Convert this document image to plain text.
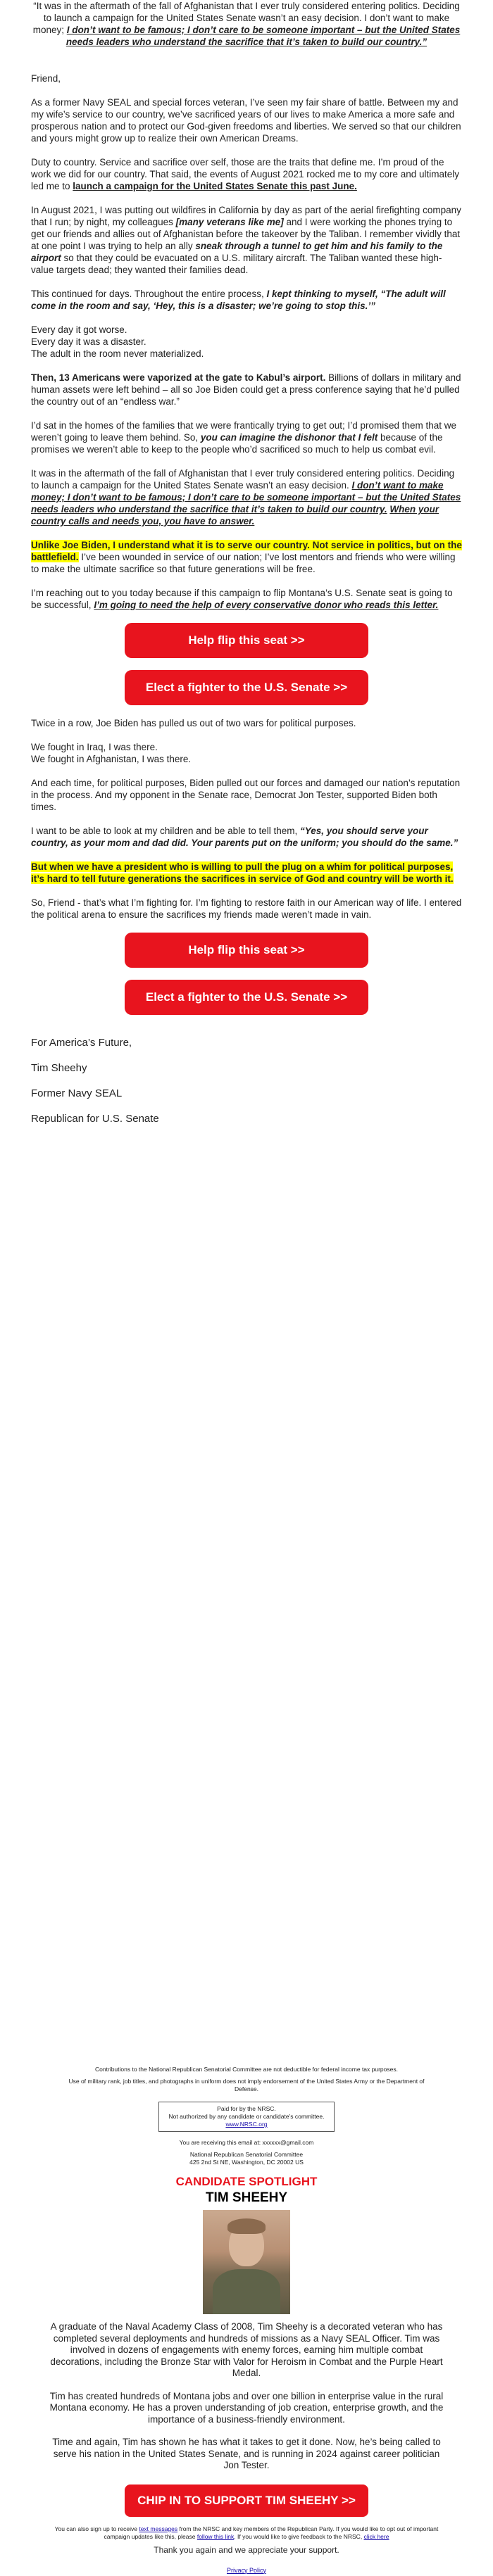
“It was in the aftermath of the fall of Afghanistan that I ever truly considered entering politics. Deciding to launch a campaign for the United States Senate wasn’t an easy decision. I don’t want to make money; I don’t want to be famous; I don’t care to be someone important – but the United States needs leaders who understand the sacrifice that it’s taken to build our country.”

Friend,

As a former Navy SEAL and special forces veteran, I’ve seen my fair share of battle. Between my and my wife’s service to our country, we’ve sacrificed years of our lives to make America a more safe and prosperous nation and to protect our God-given freedoms and liberties. We served so that our children and yours might grow up to realize their own American Dreams.

Duty to country. Service and sacrifice over self, those are the traits that define me. I’m proud of the work we did for our country. That said, the events of August 2021 rocked me to my core and ultimately led me to launch a campaign for the United States Senate this past June.

In August 2021, I was putting out wildfires in California by day as part of the aerial firefighting company that I run; by night, my colleagues [many veterans like me] and I were working the phones trying to get our friends and allies out of Afghanistan before the takeover by the Taliban. I remember vividly that at one point I was trying to help an ally sneak through a tunnel to get him and his family to the airport so that they could be evacuated on a U.S. military aircraft. The Taliban wanted these high-value targets dead; they wanted their families dead.

This continued for days. Throughout the entire process, I kept thinking to myself, “The adult will come in the room and say, ‘Hey, this is a disaster; we’re going to stop this.’”

Every day it got worse.
Every day it was a disaster.
The adult in the room never materialized.

Then, 13 Americans were vaporized at the gate to Kabul’s airport. Billions of dollars in military and human assets were left behind – all so Joe Biden could get a press conference saying that he’d pulled the country out of an “endless war.”

I’d sat in the homes of the families that we were frantically trying to get out; I’d promised them that we weren’t going to leave them behind. So, you can imagine the dishonor that I felt because of the promises we weren’t able to keep to the people who’d sacrificed so much to help us combat evil.

It was in the aftermath of the fall of Afghanistan that I ever truly considered entering politics. Deciding to launch a campaign for the United States Senate wasn’t an easy decision. I don’t want to make money; I don’t want to be famous; I don’t care to be someone important – but the United States needs leaders who understand the sacrifice that it’s taken to build our country. When your country calls and needs you, you have to answer.

Unlike Joe Biden, I understand what it is to serve our country. Not service in politics, but on the battlefield. I’ve been wounded in service of our nation; I’ve lost mentors and friends who were willing to make the ultimate sacrifice so that future generations will be free.

I’m reaching out to you today because if this campaign to flip Montana’s U.S. Senate seat is going to be successful, I’m going to need the help of every conservative donor who reads this letter.

Help flip this seat >>
Elect a fighter to the U.S. Senate >>

Twice in a row, Joe Biden has pulled us out of two wars for political purposes.

We fought in Iraq, I was there.
We fought in Afghanistan, I was there.

And each time, for political purposes, Biden pulled out our forces and damaged our nation’s reputation in the process. And my opponent in the Senate race, Democrat Jon Tester, supported Biden both times.

I want to be able to look at my children and be able to tell them, “Yes, you should serve your country, as your mom and dad did. Your parents put on the uniform; you should do the same.”

But when we have a president who is willing to pull the plug on a whim for political purposes, it’s hard to tell future generations the sacrifices in service of God and country will be worth it.

So, Friend - that’s what I’m fighting for. I’m fighting to restore faith in our American way of life. I entered the political arena to ensure the sacrifices my friends made weren’t made in vain.

Help flip this seat >>
Elect a fighter to the U.S. Senate >>

For America’s Future,

Tim Sheehy

Former Navy SEAL

Republican for U.S. Senate

Contributions to the National Republican Senatorial Committee are not deductible for federal income tax purposes.

Use of military rank, job titles, and photographs in uniform does not imply endorsement of the United States Army or the Department of Defense.

Paid for by the NRSC.
Not authorized by any candidate or candidate’s committee.
www.NRSC.org

You are receiving this email at: xxxxxx@gmail.com

National Republican Senatorial Committee

425 2nd St NE, Washington, DC 20002 US

CANDIDATE SPOTLIGHT
TIM SHEEHY

A graduate of the Naval Academy Class of 2008, Tim Sheehy is a decorated veteran who has completed several deployments and hundreds of missions as a Navy SEAL Officer. Tim was involved in dozens of engagements with enemy forces, earning him multiple combat decorations, including the Bronze Star with Valor for Heroism in Combat and the Purple Heart Medal.

Tim has created hundreds of Montana jobs and over one billion in enterprise value in the rural Montana economy. He has a proven understanding of job creation, enterprise growth, and the importance of a business-friendly environment.

Time and again, Tim has shown he has what it takes to get it done. Now, he’s being called to serve his nation in the United States Senate, and is running in 2024 against career politician Jon Tester.

CHIP IN TO SUPPORT TIM SHEEHY >>

You can also sign up to receive text messages from the NRSC and key members of the Republican Party. If you would like to opt out of important campaign updates like this, please follow this link. If you would like to give feedback to the NRSC, click here

Thank you again and we appreciate your support.
Privacy Policy
